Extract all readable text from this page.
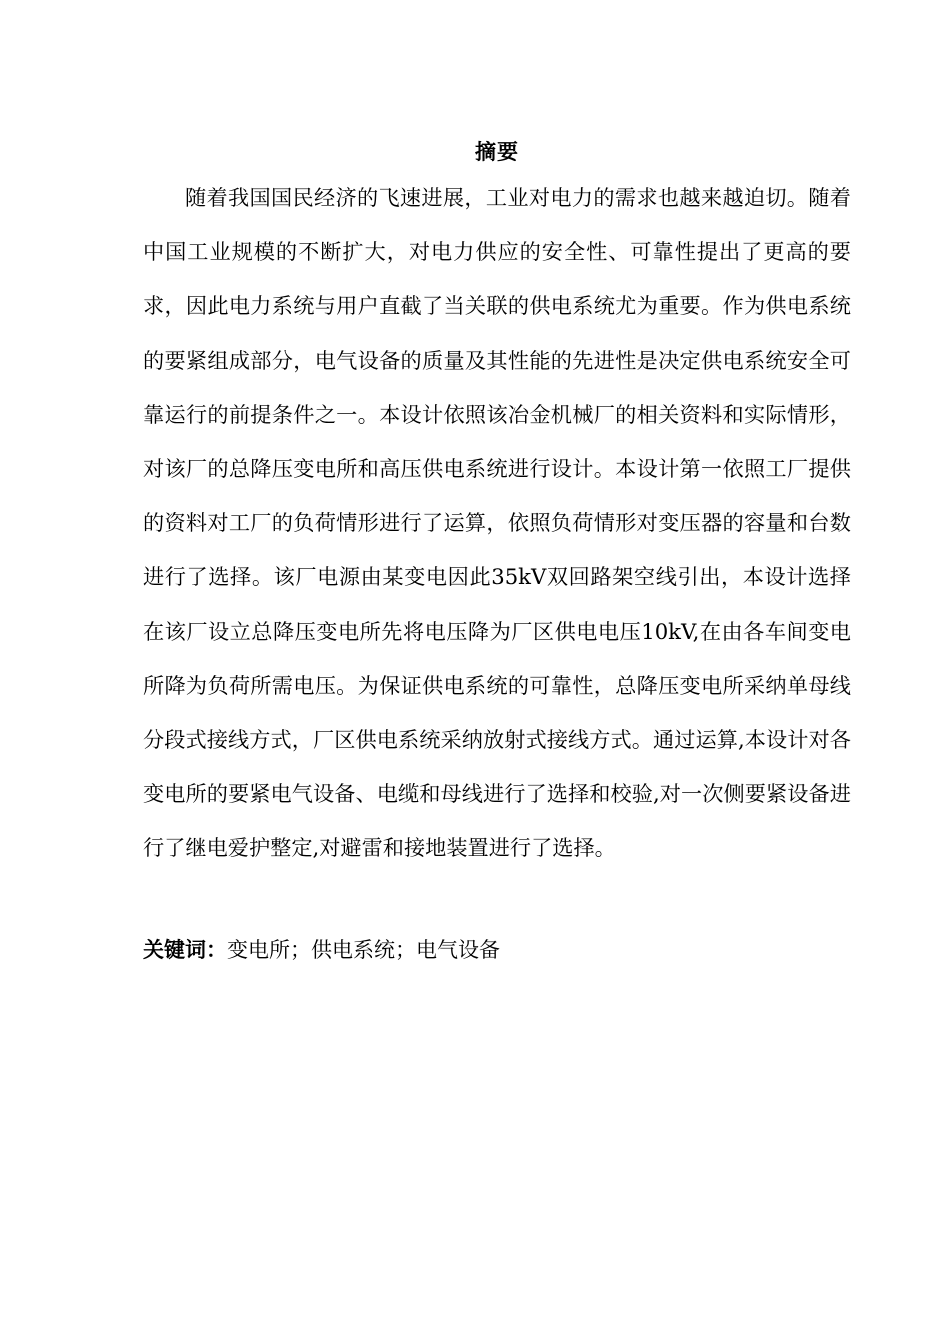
摘要

随着我国国民经济的飞速进展，工业对电力的需求也越来越迫切。随着中国工业规模的不断扩大，对电力供应的安全性、可靠性提出了更高的要求，因此电力系统与用户直截了当关联的供电系统尤为重要。作为供电系统的要紧组成部分，电气设备的质量及其性能的先进性是决定供电系统安全可靠运行的前提条件之一。本设计依照该冶金机械厂的相关资料和实际情形，对该厂的总降压变电所和高压供电系统进行设计。本设计第一依照工厂提供的资料对工厂的负荷情形进行了运算，依照负荷情形对变压器的容量和台数进行了选择。该厂电源由某变电因此35kV双回路架空线引出，本设计选择在该厂设立总降压变电所先将电压降为厂区供电电压10kV,在由各车间变电所降为负荷所需电压。为保证供电系统的可靠性，总降压变电所采纳单母线分段式接线方式，厂区供电系统采纳放射式接线方式。通过运算,本设计对各变电所的要紧电气设备、电缆和母线进行了选择和校验,对一次侧要紧设备进行了继电爱护整定,对避雷和接地装置进行了选择。

关键词：变电所；供电系统；电气设备
